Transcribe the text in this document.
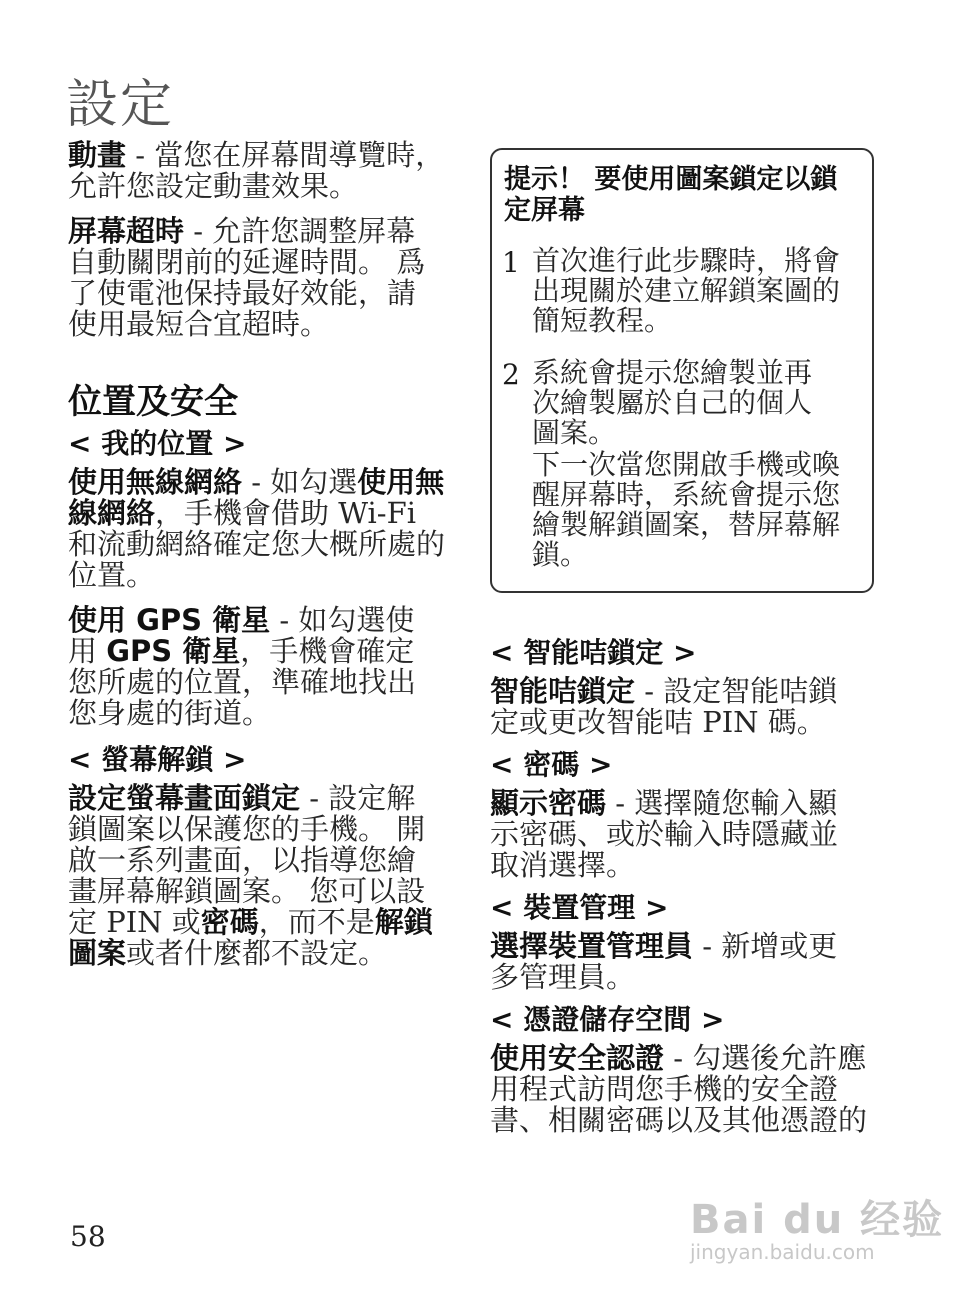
設定

動畫 - 當您在屏幕間導覽時，允許您設定動畫效果。

屏幕超時 - 允許您調整屏幕自動關閉前的延遲時間。 爲了使電池保持最好效能，請使用最短合宜超時。

位置及安全
< 我的位置 >

使用無線網絡 - 如勾選使用無線網絡，手機會借助 Wi-Fi 和流動網絡確定您大概所處的位置。

使用 GPS 衛星 - 如勾選使用 GPS 衛星，手機會確定您所處的位置，準確地找出您身處的街道。

< 螢幕解鎖 >

設定螢幕畫面鎖定 - 設定解鎖圖案以保護您的手機。 開啟一系列畫面，以指導您繪畫屏幕解鎖圖案。 您可以設定 PIN 或密碼，而不是解鎖圖案或者什麼都不設定。

提示！ 要使用圖案鎖定以鎖定屏幕
1 首次進行此步驟時，將會出現關於建立解鎖案圖的簡短教程。
2 系統會提示您繪製並再次繪製屬於自己的個人圖案。
下一次當您開啟手機或喚醒屏幕時，系統會提示您繪製解鎖圖案，替屏幕解鎖。
< 智能咭鎖定 >

智能咭鎖定 - 設定智能咭鎖定或更改智能咭 PIN 碼。

< 密碼 >

顯示密碼 - 選擇隨您輸入顯示密碼、或於輸入時隱藏並取消選擇。

< 裝置管理 >

選擇裝置管理員 - 新增或更多管理員。

< 憑證儲存空間 >

使用安全認證 - 勾選後允許應用程式訪問您手機的安全證書、相關密碼以及其他憑證的

58	Bai du 经验
jingyan.baidu.com
